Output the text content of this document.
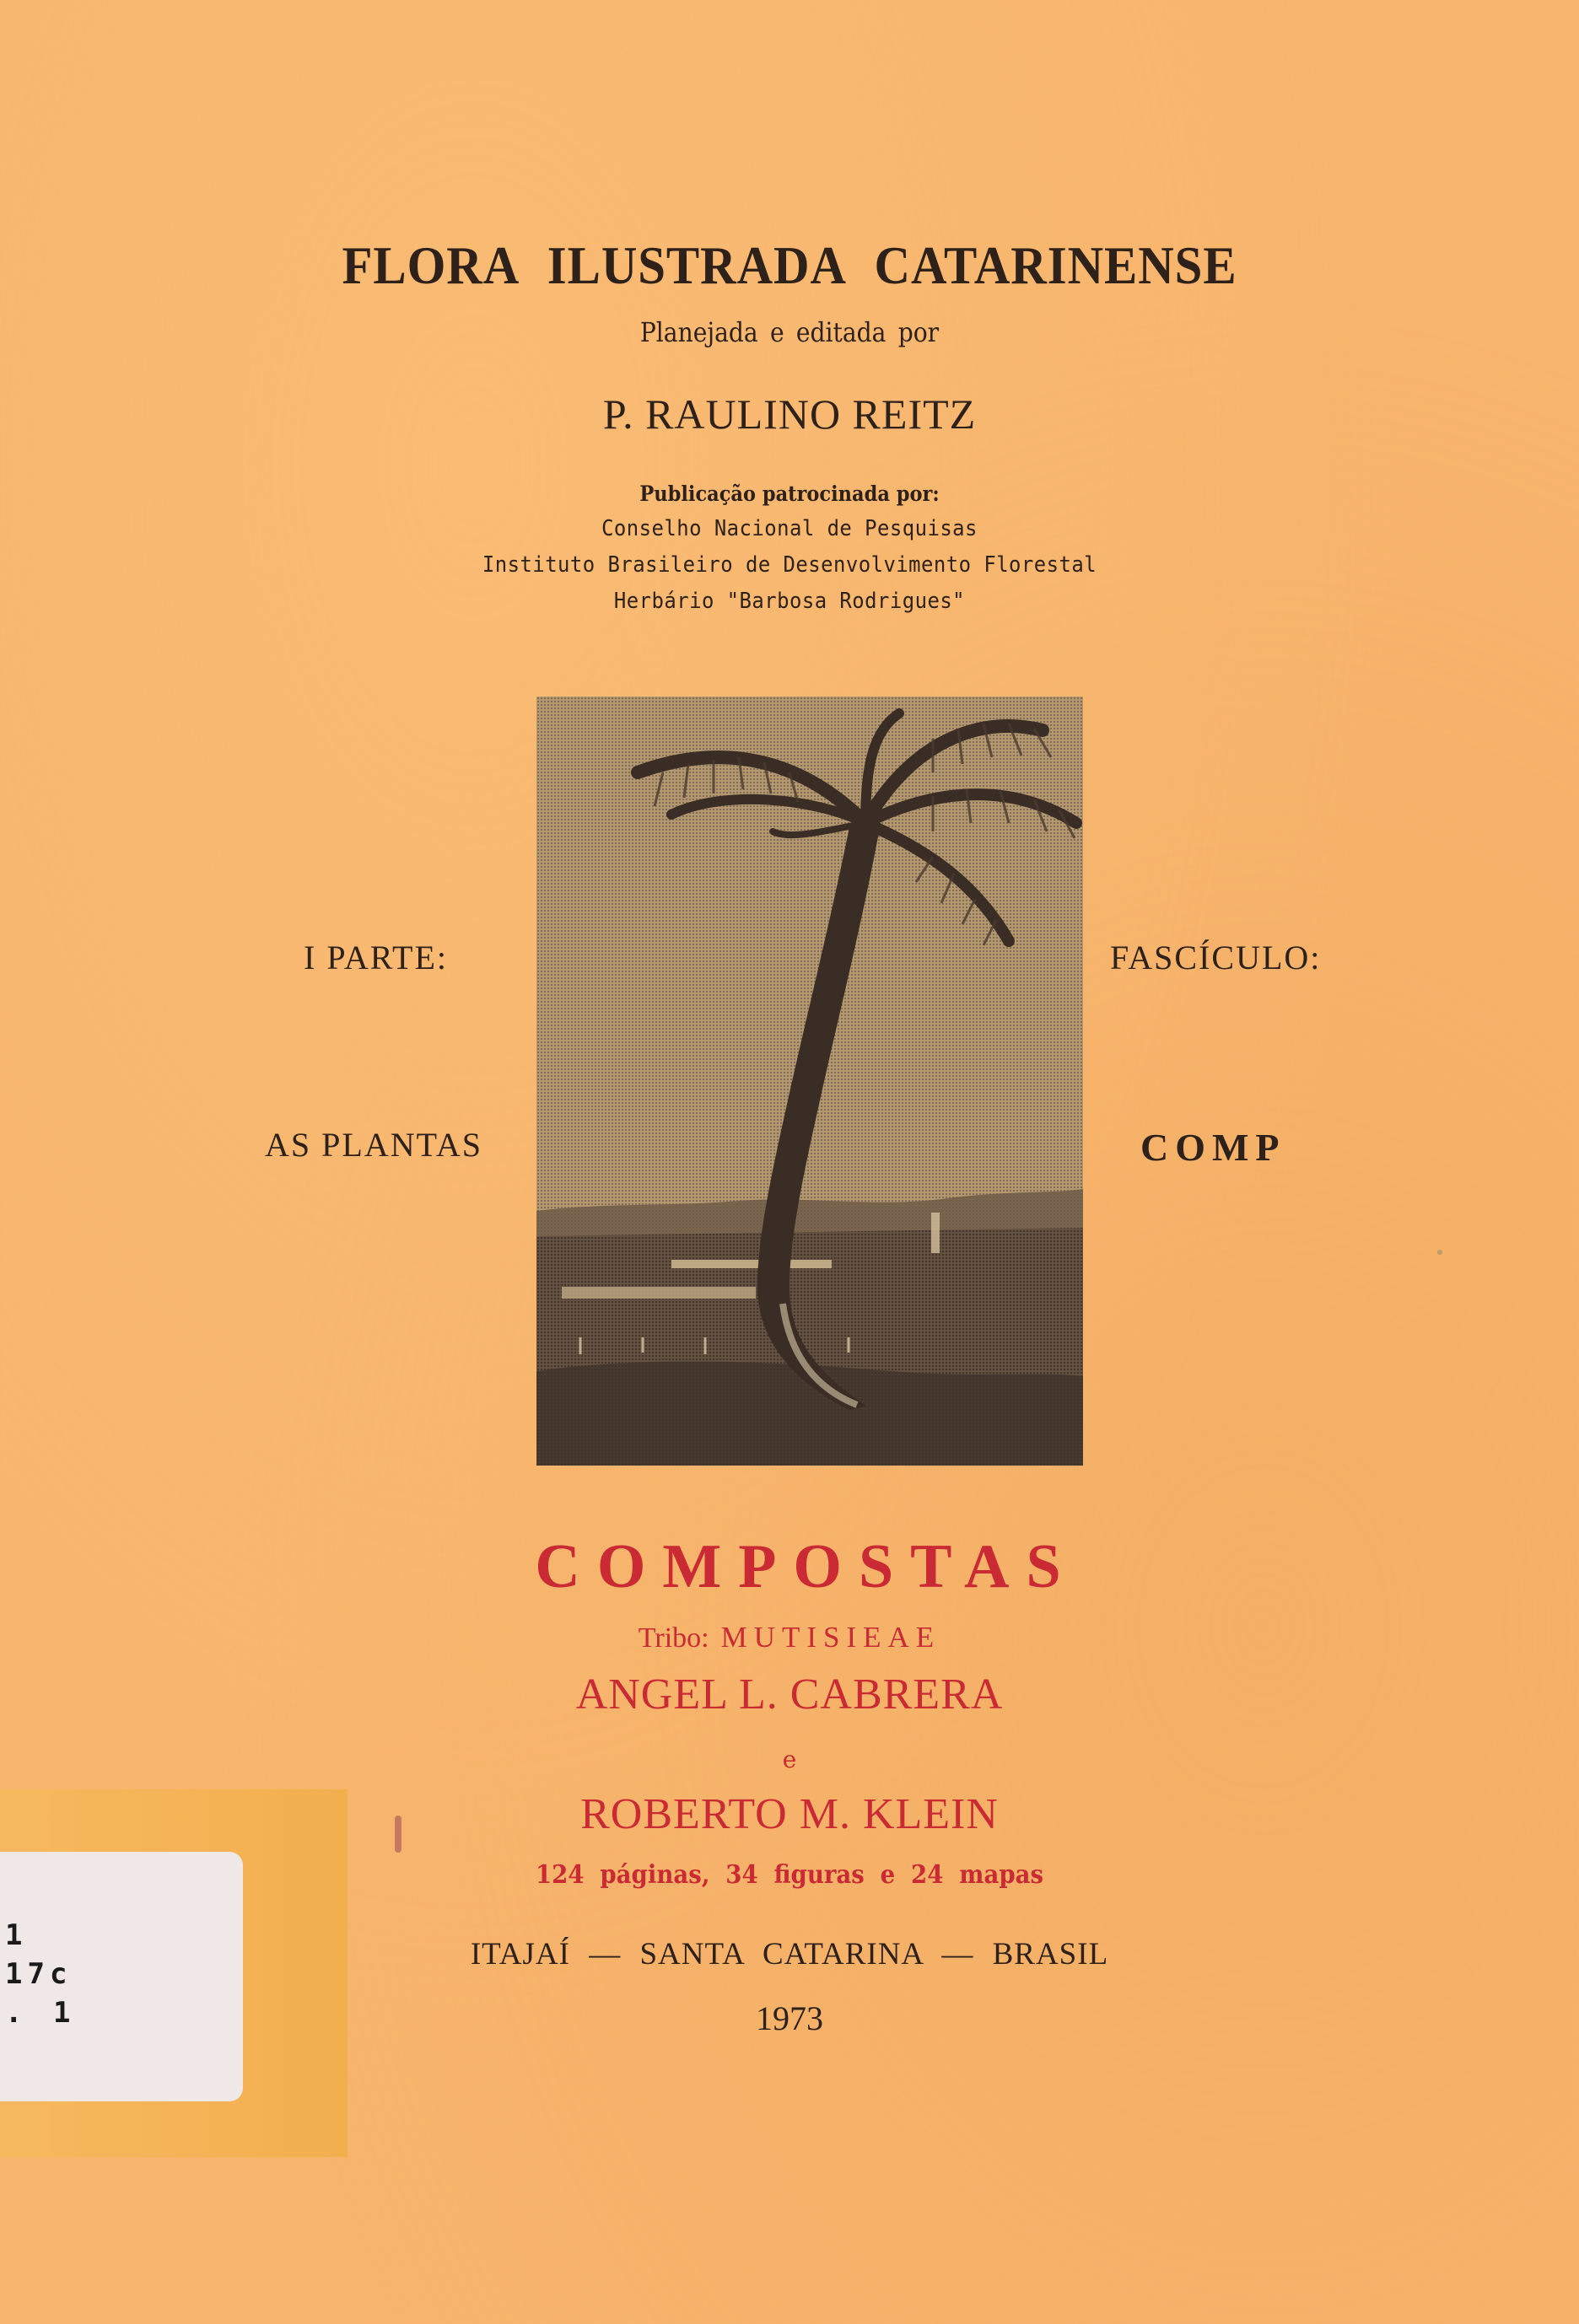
FLORA ILUSTRADA CATARINENSE
Planejada e editada por
P. RAULINO REITZ
Publicação patrocinada por:
Conselho Nacional de Pesquisas
Instituto Brasileiro de Desenvolvimento Florestal
Herbário "Barbosa Rodrigues"
I PARTE:
AS PLANTAS
FASCÍCULO:
COMP
COMPOSTAS
Tribo: MUTISIEAE
ANGEL L. CABRERA
e
ROBERTO M. KLEIN
124 páginas, 34 figuras e 24 mapas
ITAJAÍ — SANTA CATARINA — BRASIL
1973
1
17c
. 1
